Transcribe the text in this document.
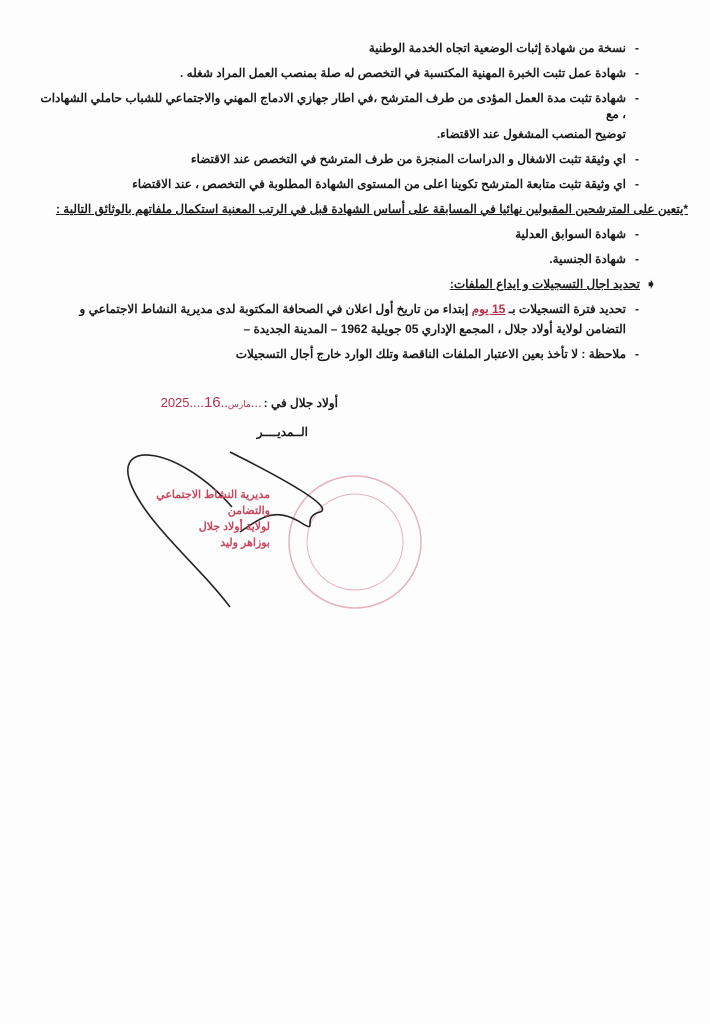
-
نسخة من شهادة إثبات الوضعية اتجاه الخدمة الوطنية
-
شهادة عمل تثبت الخبرة المهنية المكتسبة في التخصص له صلة بمنصب العمل المراد شغله .
-
شهادة تثبت مدة العمل المؤدى من طرف المترشح ،في اطار جهازي الادماج المهني والاجتماعي للشباب حاملي الشهادات ، مع
توضيح المنصب المشغول عند الاقتضاء.
-
اي وثيقة تثبت الاشغال و الدراسات المنجزة من طرف المترشح في التخصص عند الاقتضاء
-
اي وثيقة تثبت متابعة المترشح تكوينا اعلى من المستوى الشهادة المطلوبة في التخصص ، عند الاقتضاء
*يتعين على المترشحين المقبولين نهائيا في المسابقة على أساس الشهادة قبل في الرتب المعنية استكمال ملفاتهم بالوثائق التالية :
-
شهادة السوابق العدلية
-
شهادة الجنسية.
➧
تحديد اجال التسجيلات و ايداع الملفات:
-
تحديد فترة التسجيلات بـ 15 يوم إبتداء من تاريخ أول اعلان في الصحافة المكتوبة لدى مديرية النشاط الاجتماعي و
التضامن لولاية أولاد جلال ، المجمع الإداري 05 جويلية 1962 – المدينة الجديدة –
-
ملاحظة : لا تأخذ بعين الاعتبار الملفات الناقصة وتلك الوارد خارج أجال التسجيلات
أولاد جلال في :
2025....	مارس..16 ...
الــمديــــر
مديرية النشاط الاجتماعي
والتضامن
لولاية أولاد جلال
بوزاهر وليد
